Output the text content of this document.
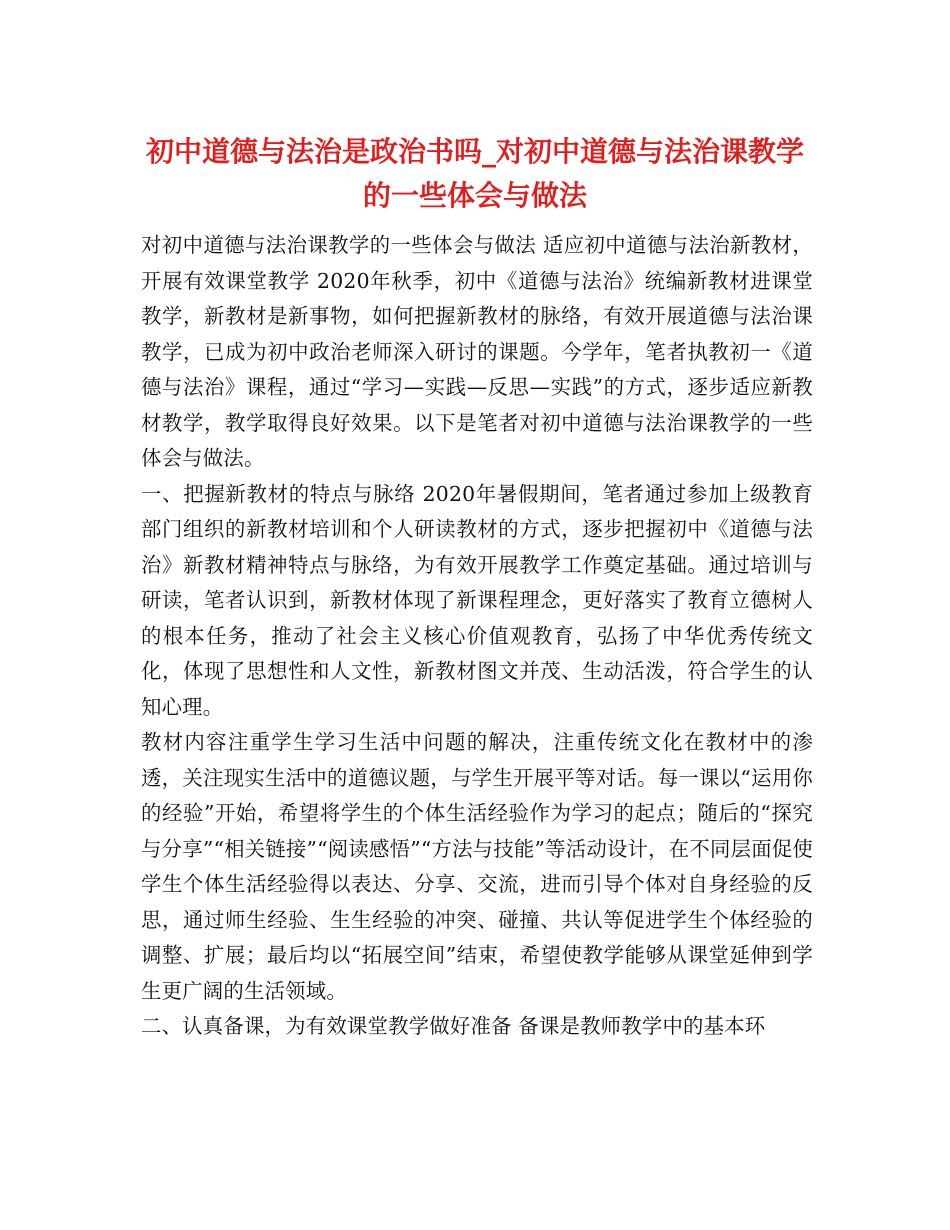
初中道德与法治是政治书吗_对初中道德与法治课教学
的一些体会与做法

对初中道德与法治课教学的一些体会与做法 适应初中道德与法治新教材，开展有效课堂教学 2020年秋季，初中《道德与法治》统编新教材进课堂教学，新教材是新事物，如何把握新教材的脉络，有效开展道德与法治课教学，已成为初中政治老师深入研讨的课题。今学年，笔者执教初一《道德与法治》课程，通过“学习—实践—反思—实践”的方式，逐步适应新教材教学，教学取得良好效果。以下是笔者对初中道德与法治课教学的一些体会与做法。

一、把握新教材的特点与脉络 2020年暑假期间，笔者通过参加上级教育部门组织的新教材培训和个人研读教材的方式，逐步把握初中《道德与法治》新教材精神特点与脉络，为有效开展教学工作奠定基础。通过培训与研读，笔者认识到，新教材体现了新课程理念，更好落实了教育立德树人的根本任务，推动了社会主义核心价值观教育，弘扬了中华优秀传统文化，体现了思想性和人文性，新教材图文并茂、生动活泼，符合学生的认知心理。

教材内容注重学生学习生活中问题的解决，注重传统文化在教材中的渗透，关注现实生活中的道德议题，与学生开展平等对话。每一课以“运用你的经验”开始，希望将学生的个体生活经验作为学习的起点；随后的“探究与分享”“相关链接”“阅读感悟”“方法与技能”等活动设计，在不同层面促使学生个体生活经验得以表达、分享、交流，进而引导个体对自身经验的反思，通过师生经验、生生经验的冲突、碰撞、共认等促进学生个体经验的调整、扩展；最后均以“拓展空间”结束，希望使教学能够从课堂延伸到学生更广阔的生活领域。

二、认真备课，为有效课堂教学做好准备 备课是教师教学中的基本环
